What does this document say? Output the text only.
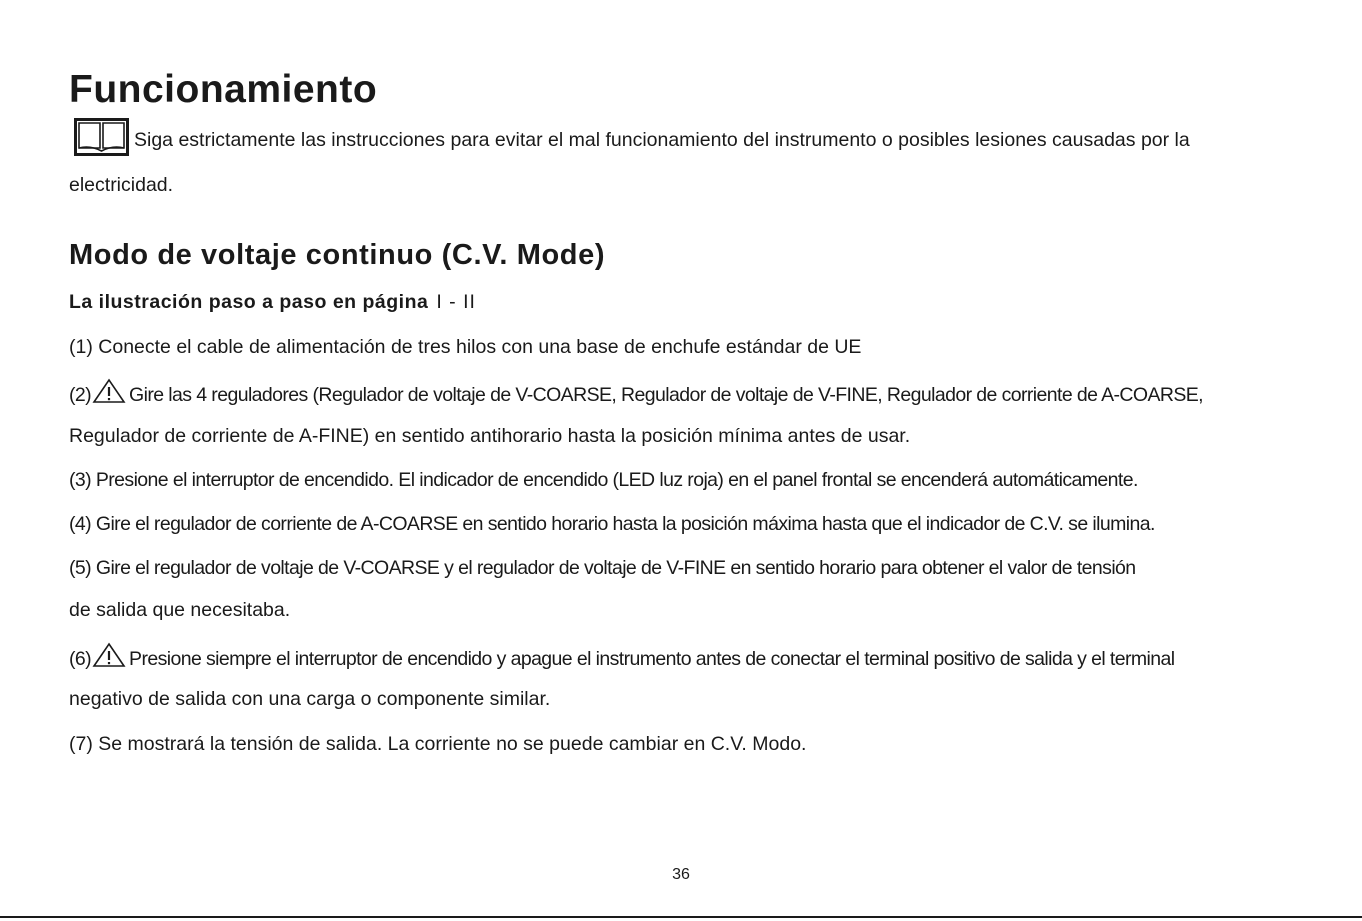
Funcionamiento

Siga estrictamente las instrucciones para evitar el mal funcionamiento del instrumento o posibles lesiones causadas por la

electricidad.

Modo de voltaje continuo (C.V. Mode)

La ilustración paso a paso en página I - II

(1) Conecte el cable de alimentación de tres hilos con una base de enchufe estándar de UE

(2) Gire las 4 reguladores (Regulador de voltaje de V-COARSE, Regulador de voltaje de V-FINE, Regulador de corriente de A-COARSE,

Regulador de corriente de A-FINE) en sentido antihorario hasta la posición mínima antes de usar.

(3) Presione el interruptor de encendido. El indicador de encendido (LED luz roja) en el panel frontal se encenderá automáticamente.

(4) Gire el regulador de corriente de A-COARSE en sentido horario hasta la posición máxima hasta que el indicador de C.V. se ilumina.

(5) Gire el regulador de voltaje de V-COARSE y el regulador de voltaje de V-FINE en sentido horario para obtener el valor de tensión

de salida que necesitaba.

(6) Presione siempre el interruptor de encendido y apague el instrumento antes de conectar el terminal positivo de salida y el terminal

negativo de salida con una carga o componente similar.

(7) Se mostrará la tensión de salida. La corriente no se puede cambiar en C.V. Modo.

36
